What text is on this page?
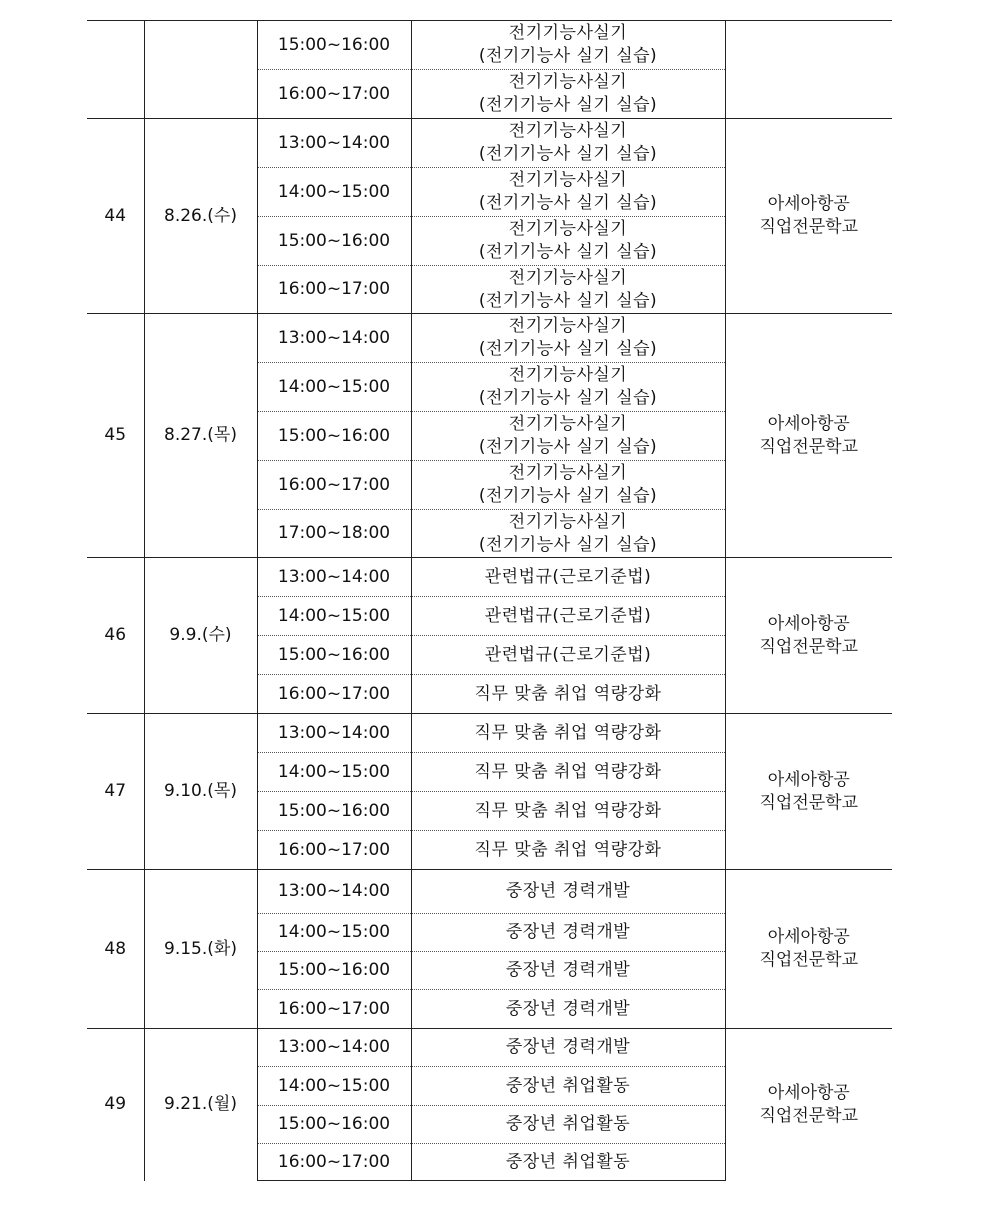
		15:00~16:00	전기기능사실기
(전기기능사 실기 실습)	
		16:00~17:00	전기기능사실기
(전기기능사 실기 실습)	
44	8.26.(수)	13:00~14:00	전기기능사실기
(전기기능사 실기 실습)	아세아항공
직업전문학교
		14:00~15:00	전기기능사실기
(전기기능사 실기 실습)	
		15:00~16:00	전기기능사실기
(전기기능사 실기 실습)	
		16:00~17:00	전기기능사실기
(전기기능사 실기 실습)	
45	8.27.(목)	13:00~14:00	전기기능사실기
(전기기능사 실기 실습)	아세아항공
직업전문학교
		14:00~15:00	전기기능사실기
(전기기능사 실기 실습)	
		15:00~16:00	전기기능사실기
(전기기능사 실기 실습)	
		16:00~17:00	전기기능사실기
(전기기능사 실기 실습)	
		17:00~18:00	전기기능사실기
(전기기능사 실기 실습)	
46	9.9.(수)	13:00~14:00	관련법규(근로기준법)	아세아항공
직업전문학교
		14:00~15:00	관련법규(근로기준법)	
		15:00~16:00	관련법규(근로기준법)	
		16:00~17:00	직무 맞춤 취업 역량강화	
47	9.10.(목)	13:00~14:00	직무 맞춤 취업 역량강화	아세아항공
직업전문학교
		14:00~15:00	직무 맞춤 취업 역량강화	
		15:00~16:00	직무 맞춤 취업 역량강화	
		16:00~17:00	직무 맞춤 취업 역량강화	
48	9.15.(화)	13:00~14:00	중장년 경력개발	아세아항공
직업전문학교
		14:00~15:00	중장년 경력개발	
		15:00~16:00	중장년 경력개발	
		16:00~17:00	중장년 경력개발	
49	9.21.(월)	13:00~14:00	중장년 경력개발	아세아항공
직업전문학교
		14:00~15:00	중장년 취업활동	
		15:00~16:00	중장년 취업활동	
		16:00~17:00	중장년 취업활동	
